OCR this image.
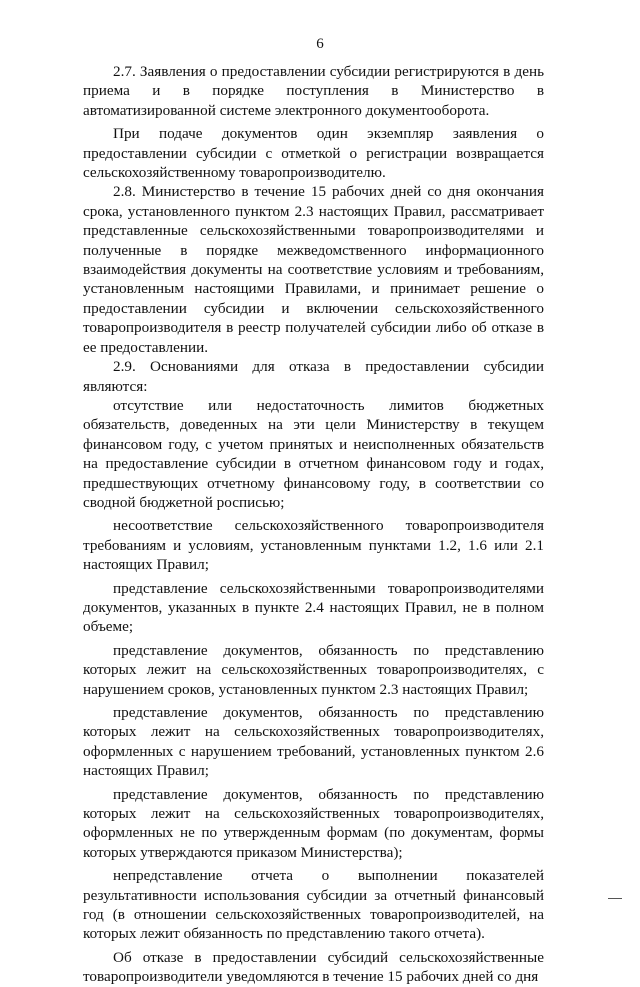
6

2.7. Заявления о предоставлении субсидии регистрируются в день приема и в порядке поступления в Министерство в автоматизированной системе электронного документооборота.

При подаче документов один экземпляр заявления о предоставлении субсидии с отметкой о регистрации возвращается сельскохозяйственному товаропроизводителю.

2.8. Министерство в течение 15 рабочих дней со дня окончания срока, установленного пунктом 2.3 настоящих Правил, рассматривает представленные сельскохозяйственными товаропроизводителями и полученные в порядке межведомственного информационного взаимодействия документы на соответствие условиям и требованиям, установленным настоящими Правилами, и принимает решение о предоставлении субсидии и включении сельскохозяйственного товаропроизводителя в реестр получателей субсидии либо об отказе в ее предоставлении.

2.9. Основаниями для отказа в предоставлении субсидии являются:

отсутствие или недостаточность лимитов бюджетных обязательств, доведенных на эти цели Министерству в текущем финансовом году, с учетом принятых и неисполненных обязательств на предоставление субсидии в отчетном финансовом году и годах, предшествующих отчетному финансовому году, в соответствии со сводной бюджетной росписью;

несоответствие сельскохозяйственного товаропроизводителя требованиям и условиям, установленным пунктами 1.2, 1.6 или 2.1 настоящих Правил;

представление сельскохозяйственными товаропроизводителями документов, указанных в пункте 2.4 настоящих Правил, не в полном объеме;

представление документов, обязанность по представлению которых лежит на сельскохозяйственных товаропроизводителях, с нарушением сроков, установленных пунктом 2.3 настоящих Правил;

представление документов, обязанность по представлению которых лежит на сельскохозяйственных товаропроизводителях, оформленных с нарушением требований, установленных пунктом 2.6 настоящих Правил;

представление документов, обязанность по представлению которых лежит на сельскохозяйственных товаропроизводителях, оформленных не по утвержденным формам (по документам, формы которых утверждаются приказом Министерства);

непредставление отчета о выполнении показателей результативности использования субсидии за отчетный финансовый год (в отношении сельскохозяйственных товаропроизводителей, на которых лежит обязанность по представлению такого отчета).

Об отказе в предоставлении субсидий сельскохозяйственные товаропроизводители уведомляются в течение 15 рабочих дней со дня
